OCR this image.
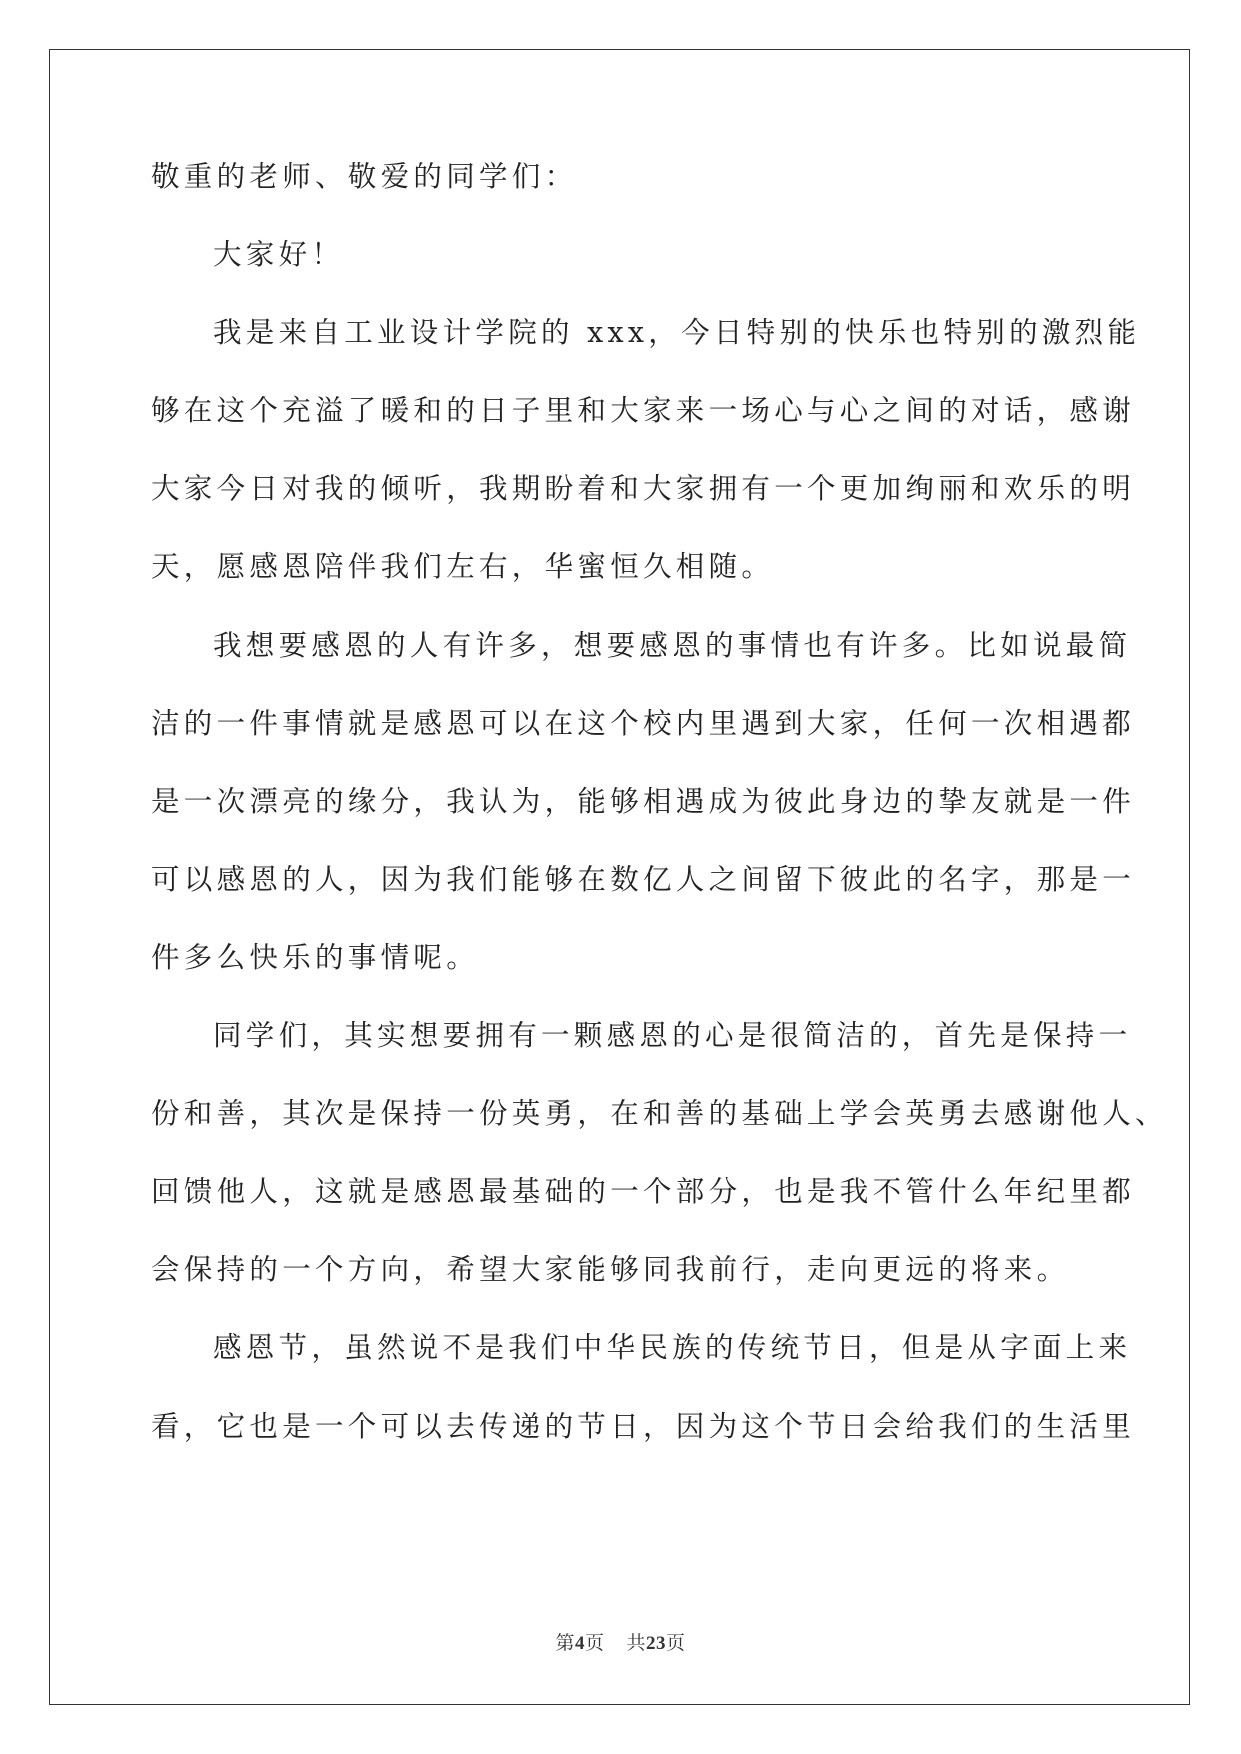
敬重的老师、敬爱的同学们：
大家好！
我是来自工业设计学院的 xxx，今日特别的快乐也特别的激烈能
够在这个充溢了暖和的日子里和大家来一场心与心之间的对话，感谢
大家今日对我的倾听，我期盼着和大家拥有一个更加绚丽和欢乐的明
天，愿感恩陪伴我们左右，华蜜恒久相随。
我想要感恩的人有许多，想要感恩的事情也有许多。比如说最简
洁的一件事情就是感恩可以在这个校内里遇到大家，任何一次相遇都
是一次漂亮的缘分，我认为，能够相遇成为彼此身边的挚友就是一件
可以感恩的人，因为我们能够在数亿人之间留下彼此的名字，那是一
件多么快乐的事情呢。
同学们，其实想要拥有一颗感恩的心是很简洁的，首先是保持一
份和善，其次是保持一份英勇，在和善的基础上学会英勇去感谢他人、
回馈他人，这就是感恩最基础的一个部分，也是我不管什么年纪里都
会保持的一个方向，希望大家能够同我前行，走向更远的将来。
感恩节，虽然说不是我们中华民族的传统节日，但是从字面上来
看，它也是一个可以去传递的节日，因为这个节日会给我们的生活里
第4页 共23页
